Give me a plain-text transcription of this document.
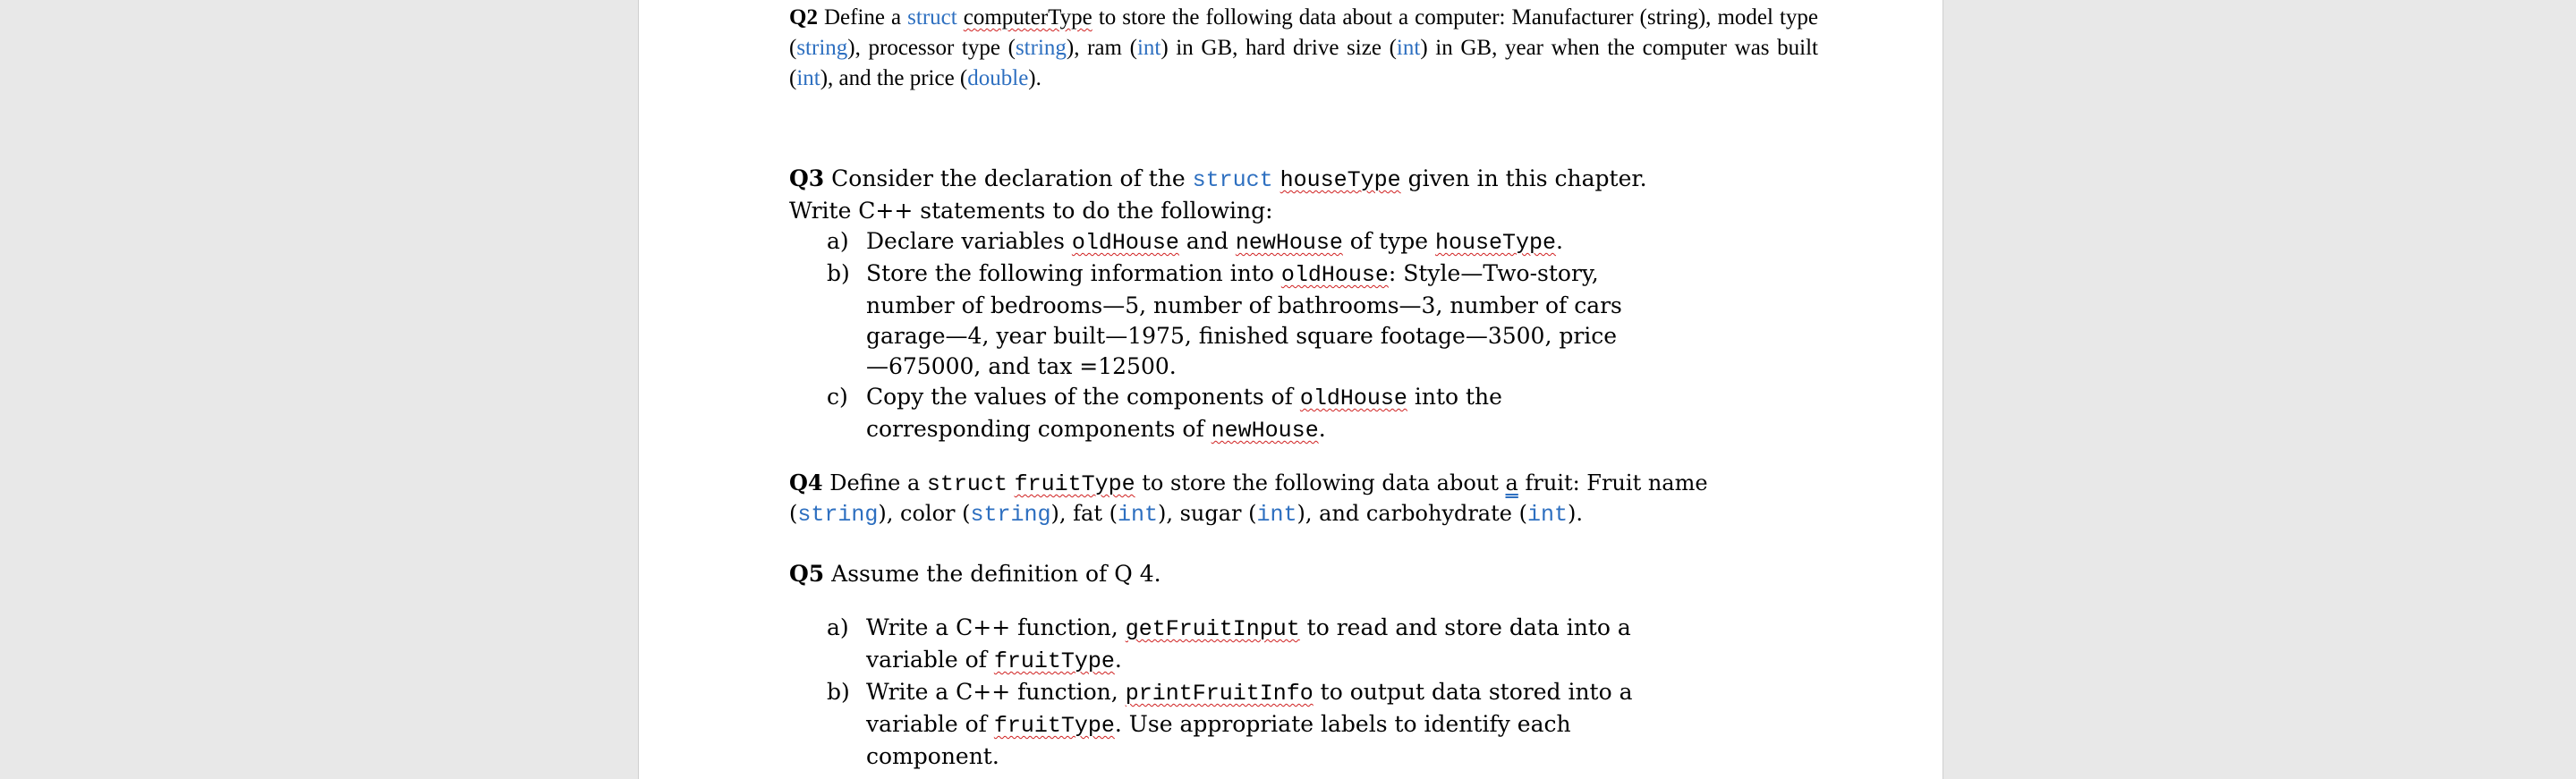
Q2 Define a struct computerType to store the following data about a computer: Manufacturer (string), model type (string), processor type (string), ram (int) in GB, hard drive size (int) in GB, year when the computer was built (int), and the price (double).
Q3 Consider the declaration of the struct houseType given in this chapter. Write C++ statements to do the following:
a) Declare variables oldHouse and newHouse of type houseType.
b) Store the following information into oldHouse: Style—Two-story, number of bedrooms—5, number of bathrooms—3, number of cars garage—4, year built—1975, finished square footage—3500, price—675000, and tax =12500.
c) Copy the values of the components of oldHouse into the corresponding components of newHouse.
Q4 Define a struct fruitType to store the following data about a fruit: Fruit name (string), color (string), fat (int), sugar (int), and carbohydrate (int).
Q5 Assume the definition of Q 4.
a) Write a C++ function, getFruitInput to read and store data into a variable of fruitType.
b) Write a C++ function, printFruitInfo to output data stored into a variable of fruitType. Use appropriate labels to identify each component.
